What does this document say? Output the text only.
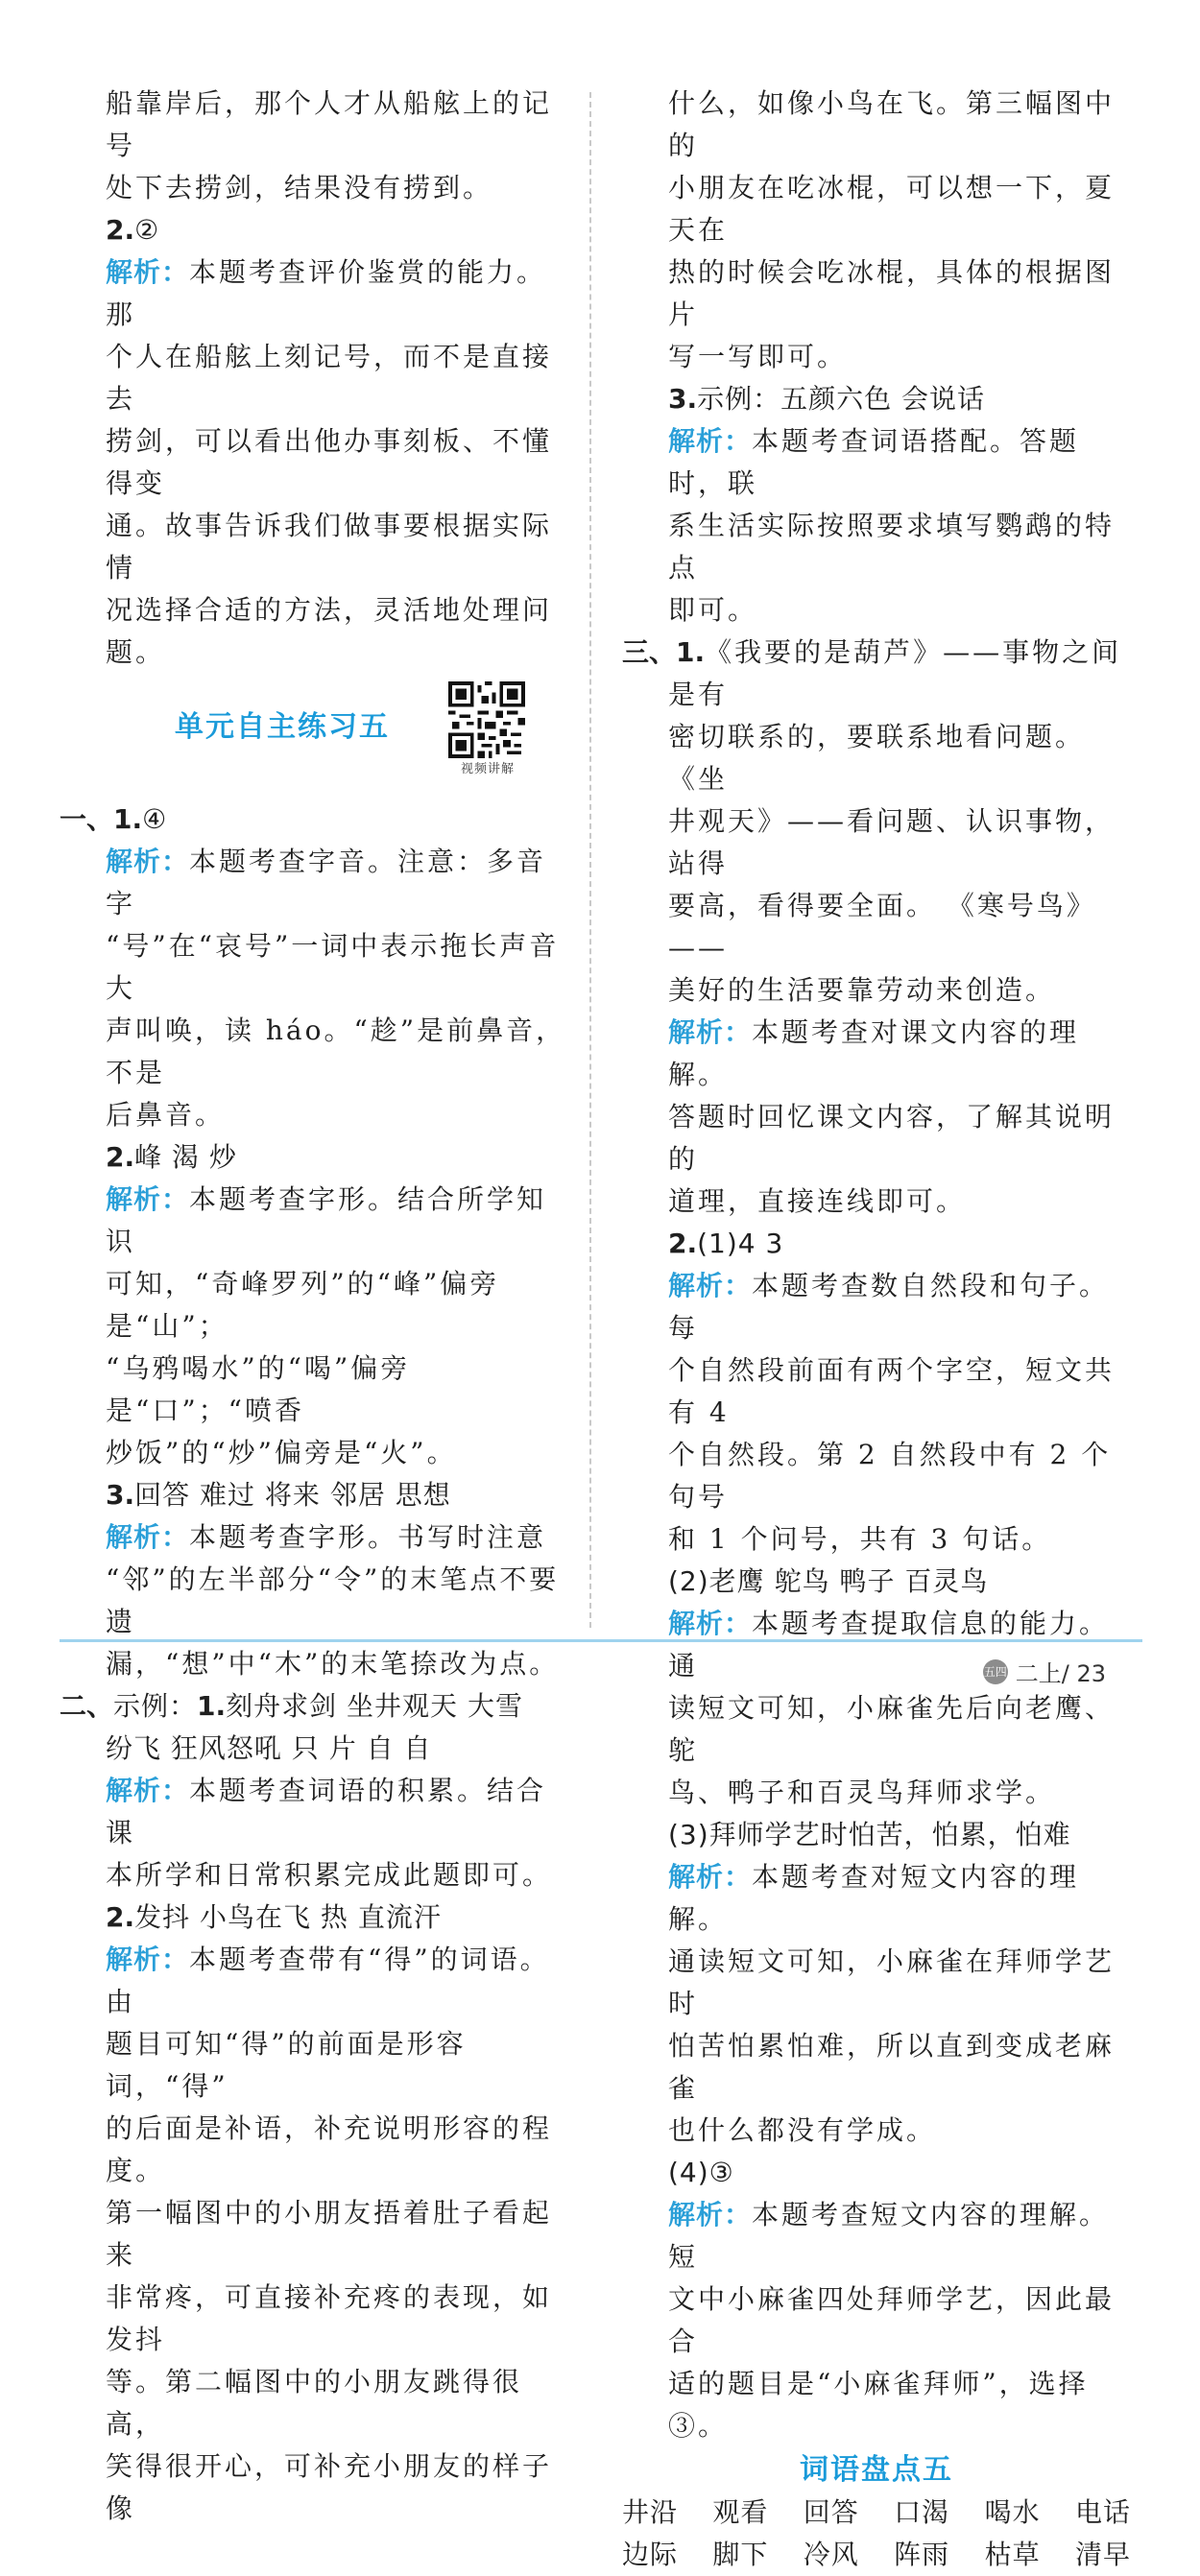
船靠岸后，那个人才从船舷上的记号

处下去捞剑，结果没有捞到。

2.②

解析：本题考查评价鉴赏的能力。那

个人在船舷上刻记号，而不是直接去

捞剑，可以看出他办事刻板、不懂得变

通。故事告诉我们做事要根据实际情

况选择合适的方法，灵活地处理问题。

单元自主练习五

视频讲解

一、1.④

解析：本题考查字音。注意：多音字

“号”在“哀号”一词中表示拖长声音大

声叫唤，读 háo。“趁”是前鼻音，不是

后鼻音。

2.峰 渴 炒

解析：本题考查字形。结合所学知识

可知，“奇峰罗列”的“峰”偏旁是“山”；

“乌鸦喝水”的“喝”偏旁是“口”；“喷香

炒饭”的“炒”偏旁是“火”。

3.回答 难过 将来 邻居 思想

解析：本题考查字形。书写时注意

“邻”的左半部分“令”的末笔点不要遗

漏，“想”中“木”的末笔捺改为点。

二、示例：1.刻舟求剑 坐井观天 大雪

纷飞 狂风怒吼 只 片 自 自

解析：本题考查词语的积累。结合课

本所学和日常积累完成此题即可。

2.发抖 小鸟在飞 热 直流汗

解析：本题考查带有“得”的词语。由

题目可知“得”的前面是形容词，“得”

的后面是补语，补充说明形容的程度。

第一幅图中的小朋友捂着肚子看起来

非常疼，可直接补充疼的表现，如发抖

等。第二幅图中的小朋友跳得很高，

笑得很开心，可补充小朋友的样子像

什么，如像小鸟在飞。第三幅图中的

小朋友在吃冰棍，可以想一下，夏天在

热的时候会吃冰棍，具体的根据图片

写一写即可。

3.示例：五颜六色 会说话

解析：本题考查词语搭配。答题时，联

系生活实际按照要求填写鹦鹉的特点

即可。

三、1.《我要的是葫芦》——事物之间是有

密切联系的，要联系地看问题。 《坐

井观天》——看问题、认识事物，站得

要高，看得要全面。 《寒号鸟》——

美好的生活要靠劳动来创造。

解析：本题考查对课文内容的理解。

答题时回忆课文内容，了解其说明的

道理，直接连线即可。

2.(1)4 3

解析：本题考查数自然段和句子。每

个自然段前面有两个字空，短文共有 4

个自然段。第 2 自然段中有 2 个句号

和 1 个问号，共有 3 句话。

(2)老鹰 鸵鸟 鸭子 百灵鸟

解析：本题考查提取信息的能力。通

读短文可知，小麻雀先后向老鹰、鸵

鸟、鸭子和百灵鸟拜师求学。

(3)拜师学艺时怕苦，怕累，怕难

解析：本题考查对短文内容的理解。

通读短文可知，小麻雀在拜师学艺时

怕苦怕累怕难，所以直到变成老麻雀

也什么都没有学成。

(4)③

解析：本题考查短文内容的理解。短

文中小麻雀四处拜师学艺，因此最合

适的题目是“小麻雀拜师”，选择③。

词语盘点五

井沿 观看 回答 口渴 喝水 电话
边际 脚下 冷风 阵雨 枯草 清早
五四 二上/ 23
